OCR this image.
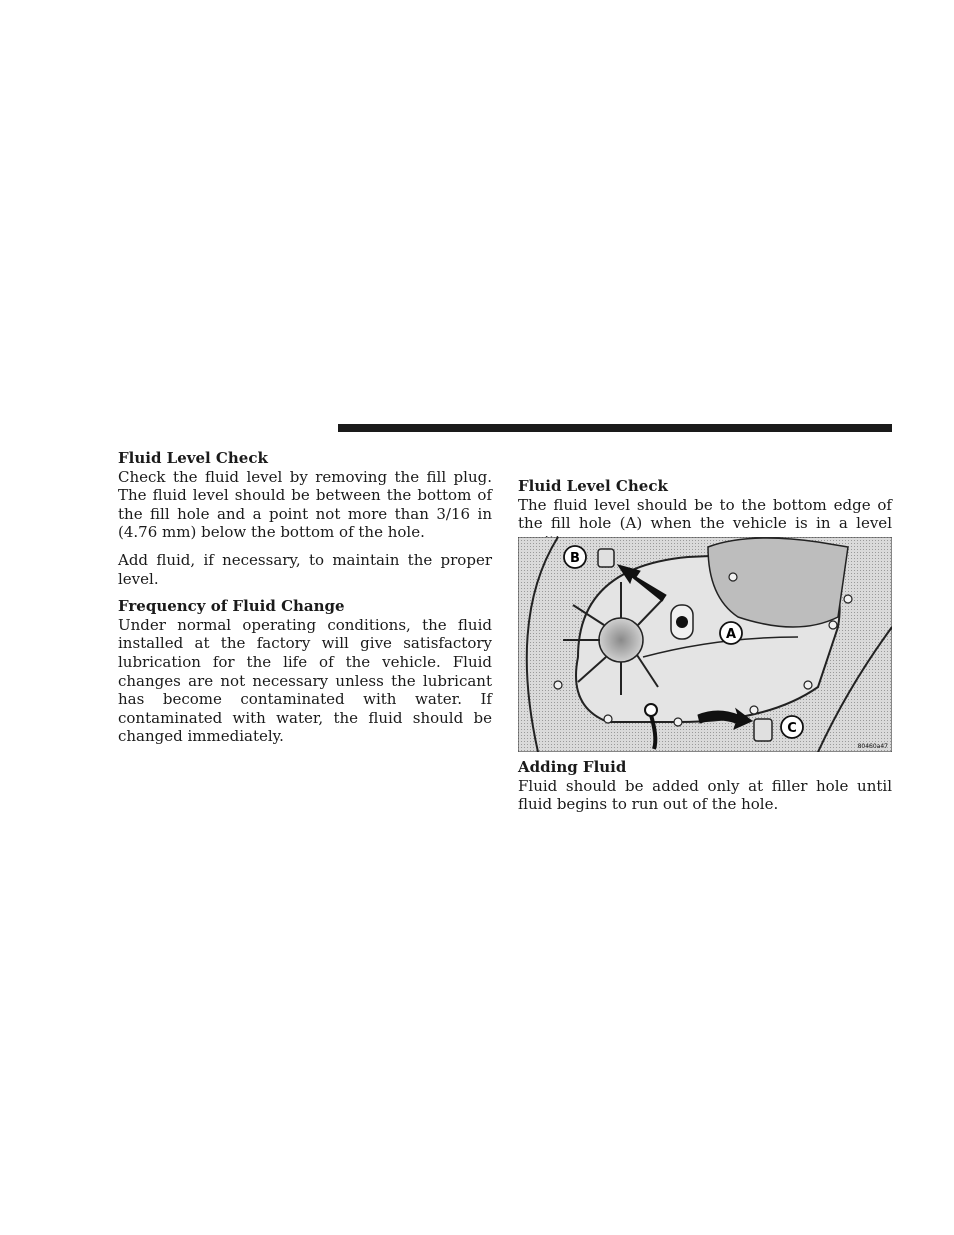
Fluid Level Check

Check the fluid level by removing the fill plug. The fluid level should be between the bottom of the fill hole and a point not more than 3/16 in (4.76 mm) below the bottom of the hole.

Add fluid, if necessary, to maintain the proper level.

Frequency of Fluid Change

Under normal operating conditions, the fluid installed at the factory will give satisfactory lubrication for the life of the vehicle. Fluid changes are not necessary unless the lubricant has become contaminated with water. If contaminated with water, the fluid should be changed immediately.

Fluid Level Check

The fluid level should be to the bottom edge of the fill hole (A) when the vehicle is in a level

B
A
C
80460a47
Adding Fluid

Fluid should be added only at filler hole until fluid begins to run out of the hole.
